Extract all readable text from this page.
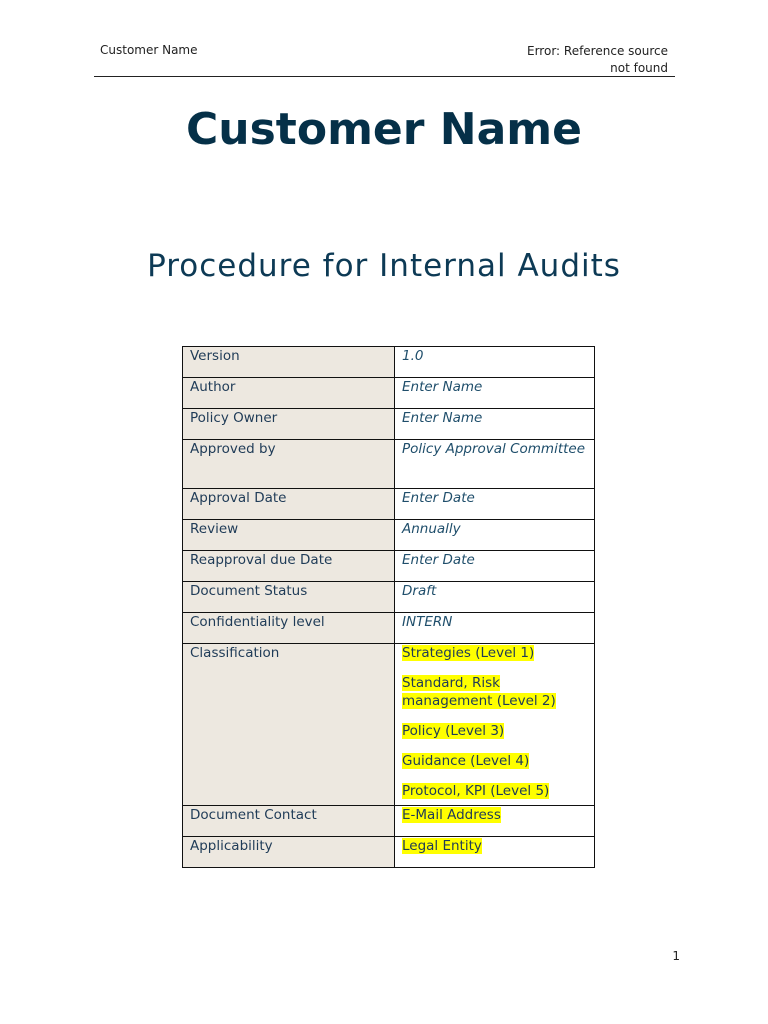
Customer Name	Error: Reference source
not found
Customer Name
Procedure for Internal Audits
Version	1.0
Author	Enter Name
Policy Owner	Enter Name
Approved by	Policy Approval Committee
Approval Date	Enter Date
Review	Annually
Reapproval due Date	Enter Date
Document Status	Draft
Confidentiality level	INTERN
Classification	Strategies (Level 1)

Standard, Risk management (Level 2)

Policy (Level 3)

Guidance (Level 4)

Protocol, KPI (Level 5)

Document Contact	E-Mail Address
Applicability	Legal Entity
1
